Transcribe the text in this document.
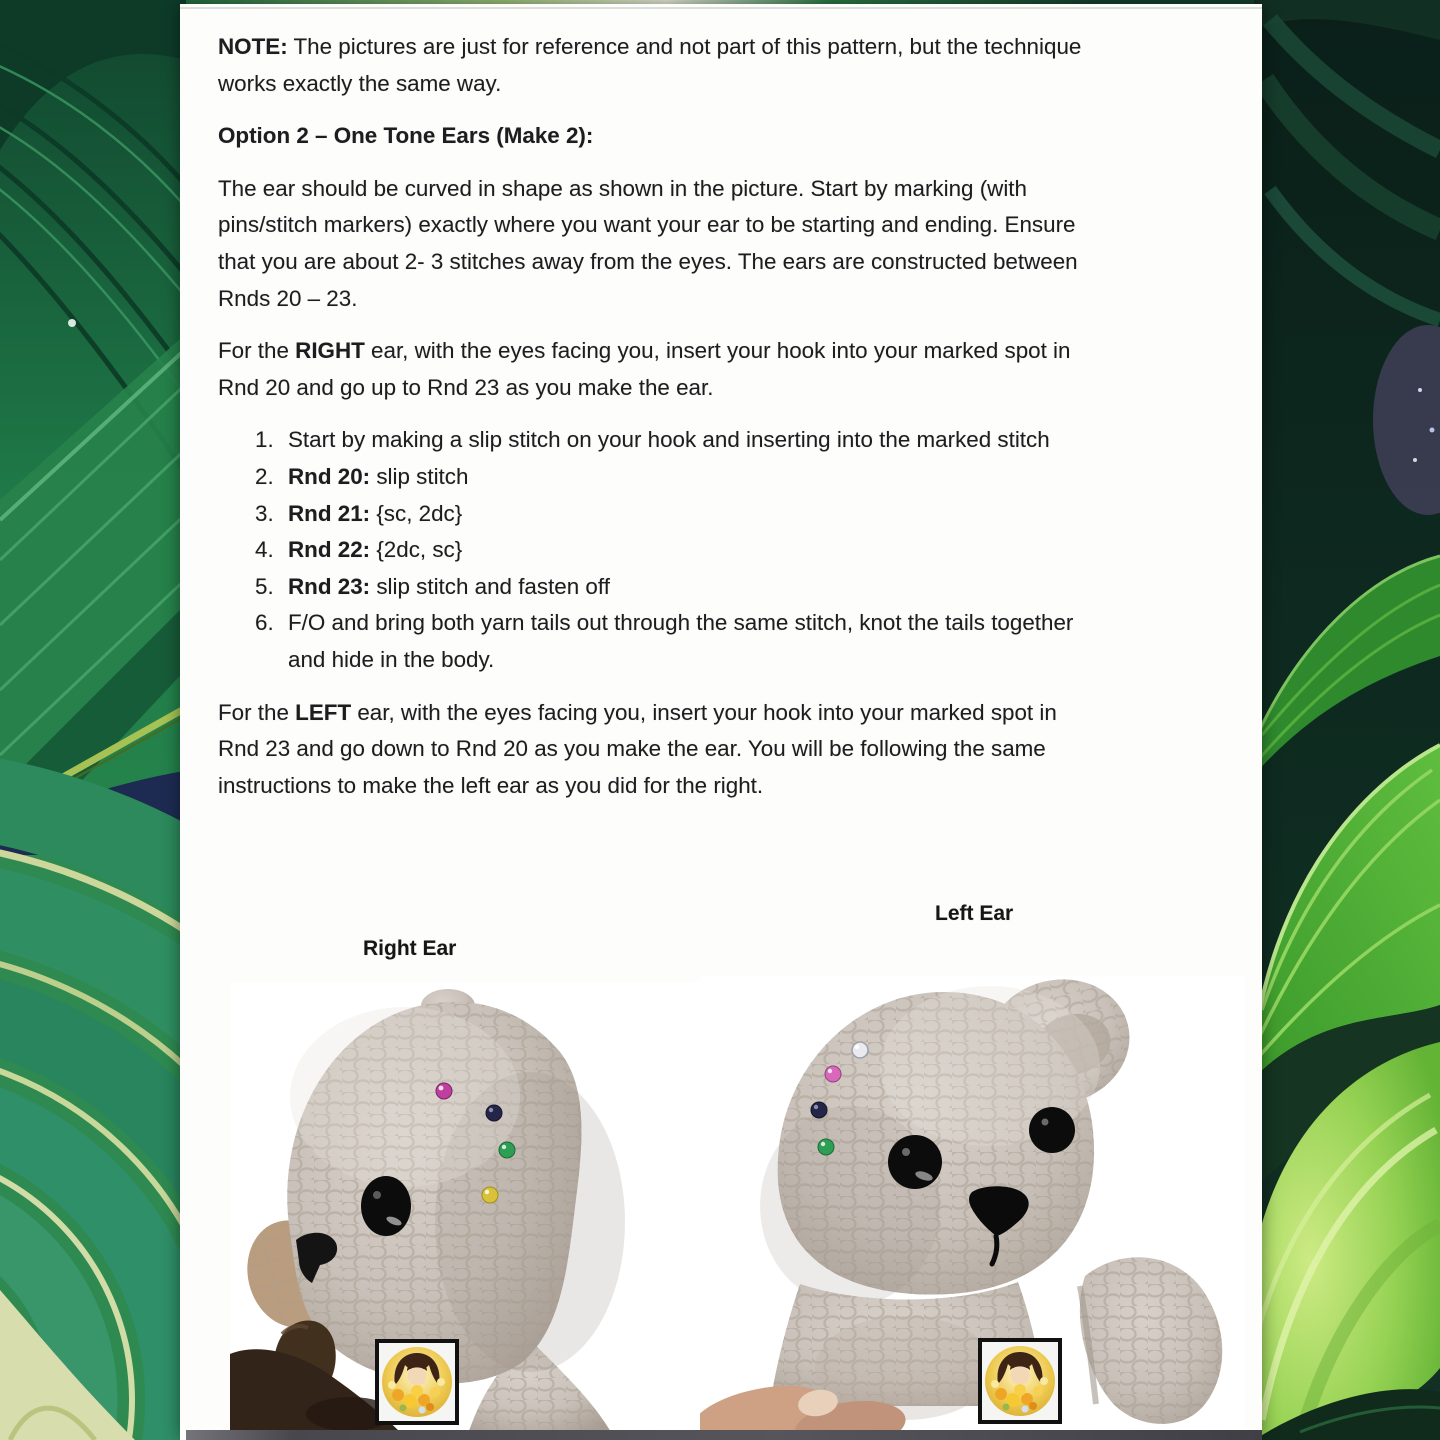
NOTE: The pictures are just for reference and not part of this pattern, but the technique
works exactly the same way.
Option 2 – One Tone Ears (Make 2):
The ear should be curved in shape as shown in the picture. Start by marking (with
pins/stitch markers) exactly where you want your ear to be starting and ending. Ensure
that you are about 2- 3 stitches away from the eyes. The ears are constructed between
Rnds 20 – 23.
For the RIGHT ear, with the eyes facing you, insert your hook into your marked spot in
Rnd 20 and go up to Rnd 23 as you make the ear.
1. Start by making a slip stitch on your hook and inserting into the marked stitch
2. Rnd 20: slip stitch
3. Rnd 21: {sc, 2dc}
4. Rnd 22: {2dc, sc}
5. Rnd 23: slip stitch and fasten off
6. F/O and bring both yarn tails out through the same stitch, knot the tails together
and hide in the body.
For the LEFT ear, with the eyes facing you, insert your hook into your marked spot in
Rnd 23 and go down to Rnd 20 as you make the ear. You will be following the same
instructions to make the left ear as you did for the right.
Right Ear
Left Ear
